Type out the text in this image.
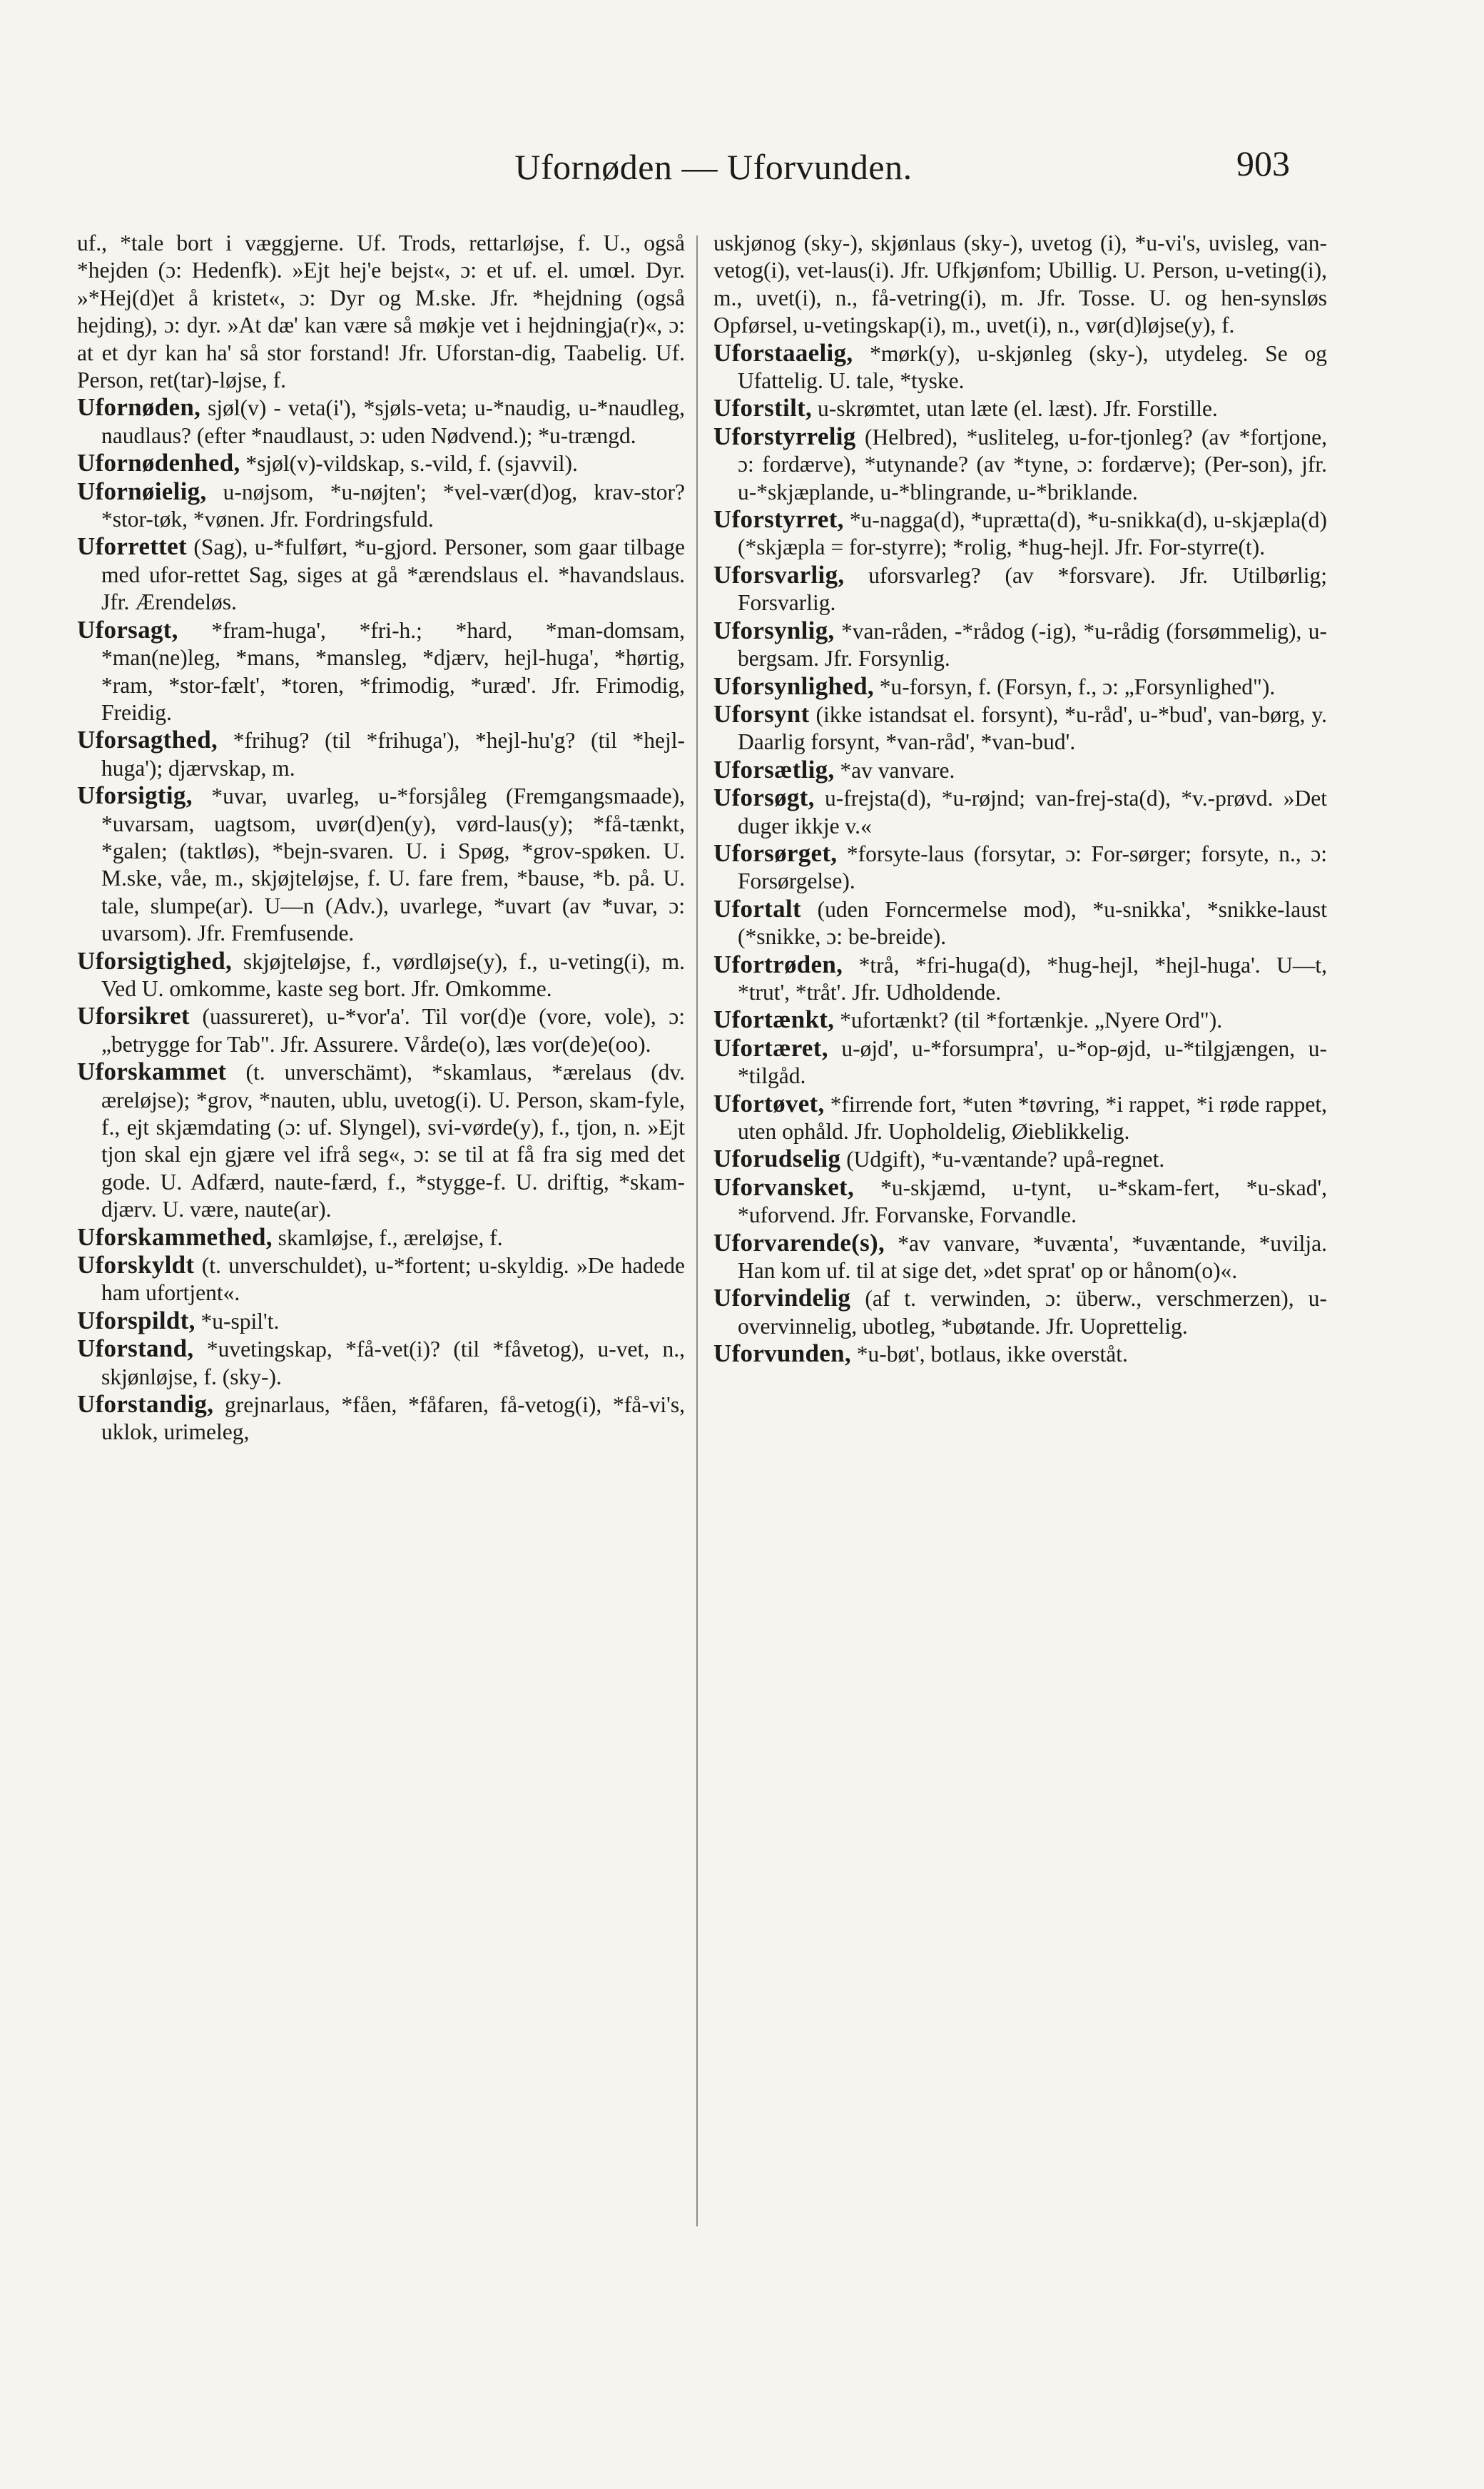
Ufornøden — Uforvunden.	903

uf., *tale bort i væggjerne. Uf. Trods, rettarløjse, f. U., også *hejden (ɔ: Hedenfk). »Ejt hej'e bejst«, ɔ: et uf. el. umœl. Dyr. »*Hej(d)et å kristet«, ɔ: Dyr og M.ske. Jfr. *hejdning (også hejding), ɔ: dyr. »At dæ' kan være så møkje vet i hejdningja(r)«, ɔ: at et dyr kan ha' så stor forstand! Jfr. Uforstan-dig, Taabelig. Uf. Person, ret(tar)-løjse, f.

Ufornøden, sjøl(v) - veta(i'), *sjøls-veta; u-*naudig, u-*naudleg, naudlaus? (efter *naudlaust, ɔ: uden Nødvend.); *u-trængd.

Ufornødenhed, *sjøl(v)-vildskap, s.-vild, f. (sjavvil).

Ufornøielig, u-nøjsom, *u-nøjten'; *vel-vær(d)og, krav-stor? *stor-tøk, *vønen. Jfr. Fordringsfuld.

Uforrettet (Sag), u-*fulført, *u-gjord. Personer, som gaar tilbage med ufor-rettet Sag, siges at gå *ærendslaus el. *havandslaus. Jfr. Ærendeløs.

Uforsagt, *fram-huga', *fri-h.; *hard, *man-domsam, *man(ne)leg, *mans, *mansleg, *djærv, hejl-huga', *hørtig, *ram, *stor-fælt', *toren, *frimodig, *uræd'. Jfr. Frimodig, Freidig.

Uforsagthed, *frihug? (til *frihuga'), *hejl-hu'g? (til *hejl-huga'); djærvskap, m.

Uforsigtig, *uvar, uvarleg, u-*forsjåleg (Fremgangsmaade), *uvarsam, uagtsom, uvør(d)en(y), vørd-laus(y); *få-tænkt, *galen; (taktløs), *bejn-svaren. U. i Spøg, *grov-spøken. U. M.ske, våe, m., skjøjteløjse, f. U. fare frem, *bause, *b. på. U. tale, slumpe(ar). U—n (Adv.), uvarlege, *uvart (av *uvar, ɔ: uvarsom). Jfr. Fremfusende.

Uforsigtighed, skjøjteløjse, f., vørdløjse(y), f., u-veting(i), m. Ved U. omkomme, kaste seg bort. Jfr. Omkomme.

Uforsikret (uassureret), u-*vor'a'. Til vor(d)e (vore, vole), ɔ: „betrygge for Tab". Jfr. Assurere. Vårde(o), læs vor(de)e(oo).

Uforskammet (t. unverschämt), *skamlaus, *ærelaus (dv. æreløjse); *grov, *nauten, ublu, uvetog(i). U. Person, skam-fyle, f., ejt skjæmdating (ɔ: uf. Slyngel), svi-vørde(y), f., tjon, n. »Ejt tjon skal ejn gjære vel ifrå seg«, ɔ: se til at få fra sig med det gode. U. Adfærd, naute-færd, f., *stygge-f. U. driftig, *skam-djærv. U. være, naute(ar).

Uforskammethed, skamløjse, f., æreløjse, f.

Uforskyldt (t. unverschuldet), u-*fortent; u-skyldig. »De hadede ham ufortjent«.

Uforspildt, *u-spil't.

Uforstand, *uvetingskap, *få-vet(i)? (til *fåvetog), u-vet, n., skjønløjse, f. (sky-).

Uforstandig, grejnarlaus, *fåen, *fåfaren, få-vetog(i), *få-vi's, uklok, urimeleg,

uskjønog (sky-), skjønlaus (sky-), uvetog (i), *u-vi's, uvisleg, van-vetog(i), vet-laus(i). Jfr. Ufkjønfom; Ubillig. U. Person, u-veting(i), m., uvet(i), n., få-vetring(i), m. Jfr. Tosse. U. og hen-synsløs Opførsel, u-vetingskap(i), m., uvet(i), n., vør(d)løjse(y), f.

Uforstaaelig, *mørk(y), u-skjønleg (sky-), utydeleg. Se og Ufattelig. U. tale, *tyske.

Uforstilt, u-skrømtet, utan læte (el. læst). Jfr. Forstille.

Uforstyrrelig (Helbred), *usliteleg, u-for-tjonleg? (av *fortjone, ɔ: fordærve), *utynande? (av *tyne, ɔ: fordærve); (Per-son), jfr. u-*skjæplande, u-*blingrande, u-*briklande.

Uforstyrret, *u-nagga(d), *uprætta(d), *u-snikka(d), u-skjæpla(d) (*skjæpla = for-styrre); *rolig, *hug-hejl. Jfr. For-styrre(t).

Uforsvarlig, uforsvarleg? (av *forsvare). Jfr. Utilbørlig; Forsvarlig.

Uforsynlig, *van-råden, -*rådog (-ig), *u-rådig (forsømmelig), u-bergsam. Jfr. Forsynlig.

Uforsynlighed, *u-forsyn, f. (Forsyn, f., ɔ: „Forsynlighed").

Uforsynt (ikke istandsat el. forsynt), *u-råd', u-*bud', van-børg, y. Daarlig forsynt, *van-råd', *van-bud'.

Uforsætlig, *av vanvare.

Uforsøgt, u-frejsta(d), *u-røjnd; van-frej-sta(d), *v.-prøvd. »Det duger ikkje v.«

Uforsørget, *forsyte-laus (forsytar, ɔ: For-sørger; forsyte, n., ɔ: Forsørgelse).

Ufortalt (uden Forncermelse mod), *u-snikka', *snikke-laust (*snikke, ɔ: be-breide).

Ufortrøden, *trå, *fri-huga(d), *hug-hejl, *hejl-huga'. U—t, *trut', *tråt'. Jfr. Udholdende.

Ufortænkt, *ufortænkt? (til *fortænkje. „Nyere Ord").

Ufortæret, u-øjd', u-*forsumpra', u-*op-øjd, u-*tilgjængen, u-*tilgåd.

Ufortøvet, *firrende fort, *uten *tøvring, *i rappet, *i røde rappet, uten ophåld. Jfr. Uopholdelig, Øieblikkelig.

Uforudselig (Udgift), *u-væntande? upå-regnet.

Uforvansket, *u-skjæmd, u-tynt, u-*skam-fert, *u-skad', *uforvend. Jfr. Forvanske, Forvandle.

Uforvarende(s), *av vanvare, *uvænta', *uvæntande, *uvilja. Han kom uf. til at sige det, »det sprat' op or hånom(o)«.

Uforvindelig (af t. verwinden, ɔ: überw., verschmerzen), u-overvinnelig, ubotleg, *ubøtande. Jfr. Uoprettelig.

Uforvunden, *u-bøt', botlaus, ikke overståt.
